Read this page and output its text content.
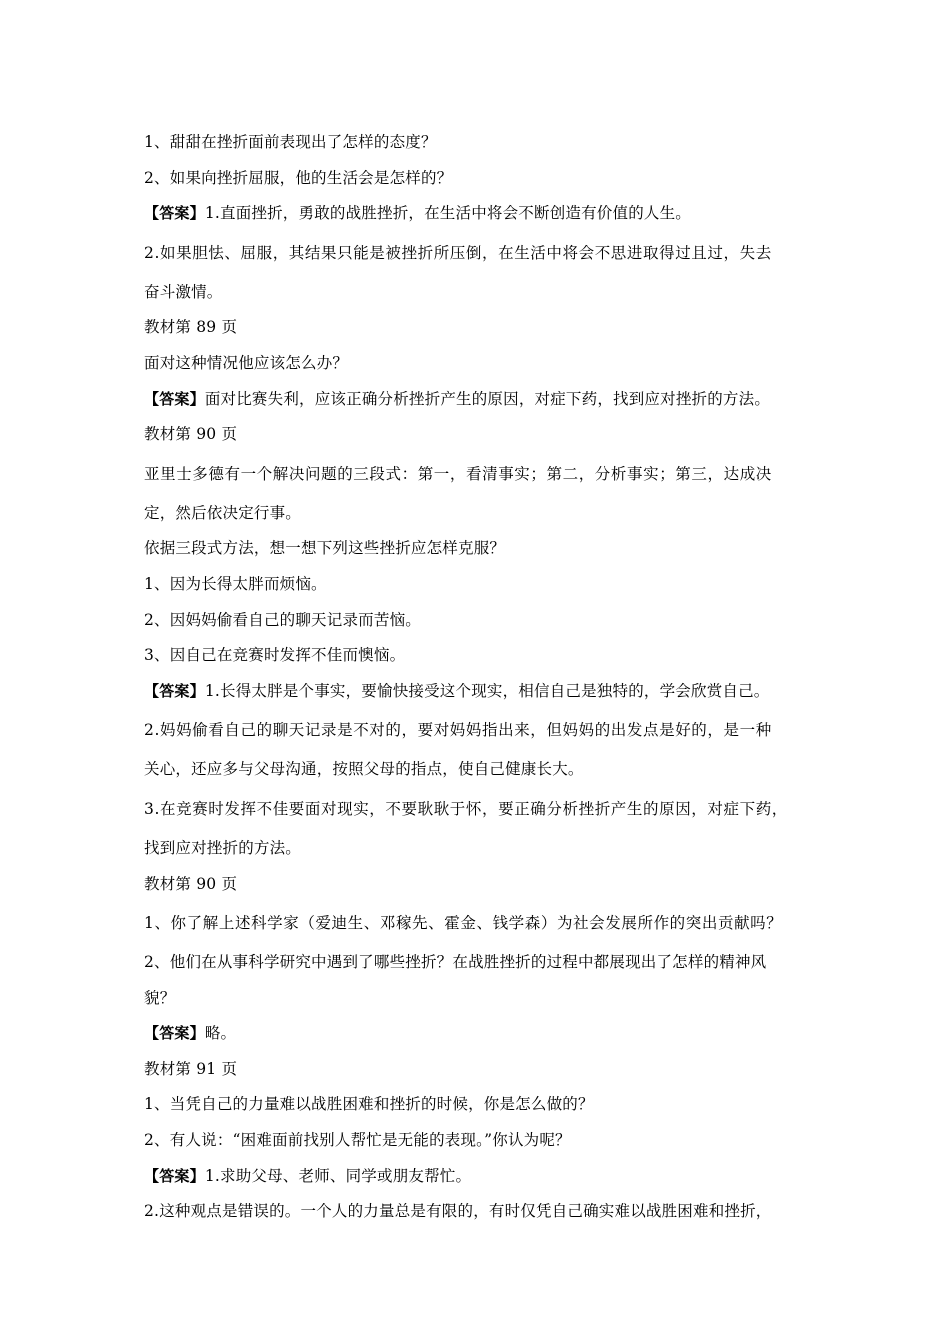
1、甜甜在挫折面前表现出了怎样的态度？
2、如果向挫折屈服，他的生活会是怎样的？
【答案】1.直面挫折，勇敢的战胜挫折，在生活中将会不断创造有价值的人生。
2.如果胆怯、屈服，其结果只能是被挫折所压倒，在生活中将会不思进取得过且过，失去
奋斗激情。
教材第 89 页
面对这种情况他应该怎么办？
【答案】面对比赛失利，应该正确分析挫折产生的原因，对症下药，找到应对挫折的方法。
教材第 90 页
亚里士多德有一个解决问题的三段式：第一，看清事实；第二，分析事实；第三，达成决
定，然后依决定行事。
依据三段式方法，想一想下列这些挫折应怎样克服？
1、因为长得太胖而烦恼。
2、因妈妈偷看自己的聊天记录而苦恼。
3、因自己在竞赛时发挥不佳而懊恼。
【答案】1.长得太胖是个事实，要愉快接受这个现实，相信自己是独特的，学会欣赏自己。
2.妈妈偷看自己的聊天记录是不对的，要对妈妈指出来，但妈妈的出发点是好的，是一种
关心，还应多与父母沟通，按照父母的指点，使自己健康长大。
3.在竞赛时发挥不佳要面对现实，不要耿耿于怀，要正确分析挫折产生的原因，对症下药，
找到应对挫折的方法。
教材第 90 页
1、你了解上述科学家（爱迪生、邓稼先、霍金、钱学森）为社会发展所作的突出贡献吗？
2、他们在从事科学研究中遇到了哪些挫折？在战胜挫折的过程中都展现出了怎样的精神风
貌？
【答案】略。
教材第 91 页
1、当凭自己的力量难以战胜困难和挫折的时候，你是怎么做的？
2、有人说：“困难面前找别人帮忙是无能的表现。”你认为呢？
【答案】1.求助父母、老师、同学或朋友帮忙。
2.这种观点是错误的。一个人的力量总是有限的，有时仅凭自己确实难以战胜困难和挫折，
